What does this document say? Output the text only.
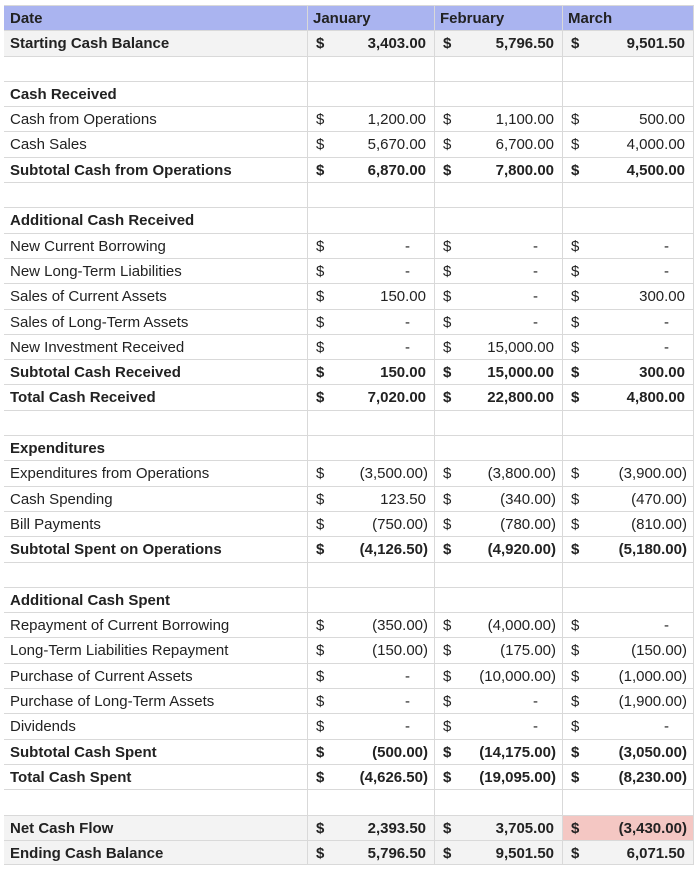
Date	January	February	March
Starting Cash Balance	$	3,403.00 $	5,796.50 $	9,501.50
Cash Received
Cash from Operations	$	1,200.00 $	1,100.00 $	500.00
Cash Sales	$	5,670.00 $	6,700.00 $	4,000.00
Subtotal Cash from Operations	$	6,870.00 $	7,800.00 $	4,500.00
Additional Cash Received
New Current Borrowing	$	- $	- $	-
New Long-Term Liabilities	$	- $	- $	-
Sales of Current Assets	$	150.00 $	- $	300.00
Sales of Long-Term Assets	$	- $	- $	-
New Investment Received	$	- $ 15,000.00 $	-
Subtotal Cash Received	$	150.00 $ 15,000.00 $	300.00
Total Cash Received	$	7,020.00 $ 22,800.00 $	4,800.00
Expenditures
Expenditures from Operations	$ (3,500.00) $ (3,800.00) $	(3,900.00)
Cash Spending	$	123.50 $	(340.00) $	(470.00)
Bill Payments	$	(750.00) $	(780.00) $	(810.00)
Subtotal Spent on Operations	$ (4,126.50) $ (4,920.00) $	(5,180.00)
Additional Cash Spent
Repayment of Current Borrowing	$	(350.00) $ (4,000.00) $	-
Long-Term Liabilities Repayment	$	(150.00) $	(175.00) $	(150.00)
Purchase of Current Assets	$	- $ (10,000.00) $	(1,000.00)
Purchase of Long-Term Assets	$	- $	- $	(1,900.00)
Dividends	$	- $	- $	-
Subtotal Cash Spent	$	(500.00) $ (14,175.00) $	(3,050.00)
Total Cash Spent	$ (4,626.50) $ (19,095.00) $	(8,230.00)
Net Cash Flow	$	2,393.50 $	3,705.00 $	(3,430.00)
Ending Cash Balance	$	5,796.50 $	9,501.50 $	6,071.50
